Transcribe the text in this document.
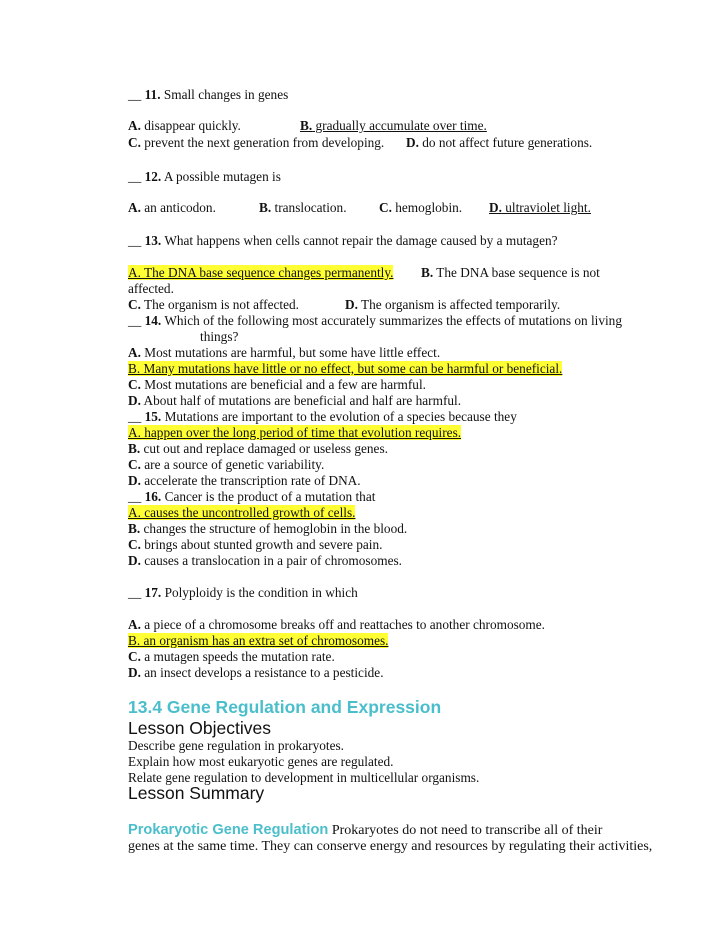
__ 11. Small changes in genes
A. disappear quickly.	B. gradually accumulate over time.
C. prevent the next generation from developing. D. do not affect future generations.
__ 12. A possible mutagen is
A. an anticodon.	B. translocation. C. hemoglobin. D. ultraviolet light.
__ 13. What happens when cells cannot repair the damage caused by a mutagen?
A. The DNA base sequence changes permanently. B. The DNA base sequence is not
affected.
C. The organism is not affected.	D. The organism is affected temporarily.
__ 14. Which of the following most accurately summarizes the effects of mutations on living
things?
A. Most mutations are harmful, but some have little effect.
B. Many mutations have little or no effect, but some can be harmful or beneficial.
C. Most mutations are beneficial and a few are harmful.
D. About half of mutations are beneficial and half are harmful.
__ 15. Mutations are important to the evolution of a species because they
A. happen over the long period of time that evolution requires.
B. cut out and replace damaged or useless genes.
C. are a source of genetic variability.
D. accelerate the transcription rate of DNA.
__ 16. Cancer is the product of a mutation that
A. causes the uncontrolled growth of cells.
B. changes the structure of hemoglobin in the blood.
C. brings about stunted growth and severe pain.
D. causes a translocation in a pair of chromosomes.
__ 17. Polyploidy is the condition in which
A. a piece of a chromosome breaks off and reattaches to another chromosome.
B. an organism has an extra set of chromosomes.
C. a mutagen speeds the mutation rate.
D. an insect develops a resistance to a pesticide.
13.4 Gene Regulation and Expression
Lesson Objectives
Describe gene regulation in prokaryotes.
Explain how most eukaryotic genes are regulated.
Relate gene regulation to development in multicellular organisms.
Lesson Summary
Prokaryotic Gene Regulation Prokaryotes do not need to transcribe all of their
genes at the same time. They can conserve energy and resources by regulating their activities,
